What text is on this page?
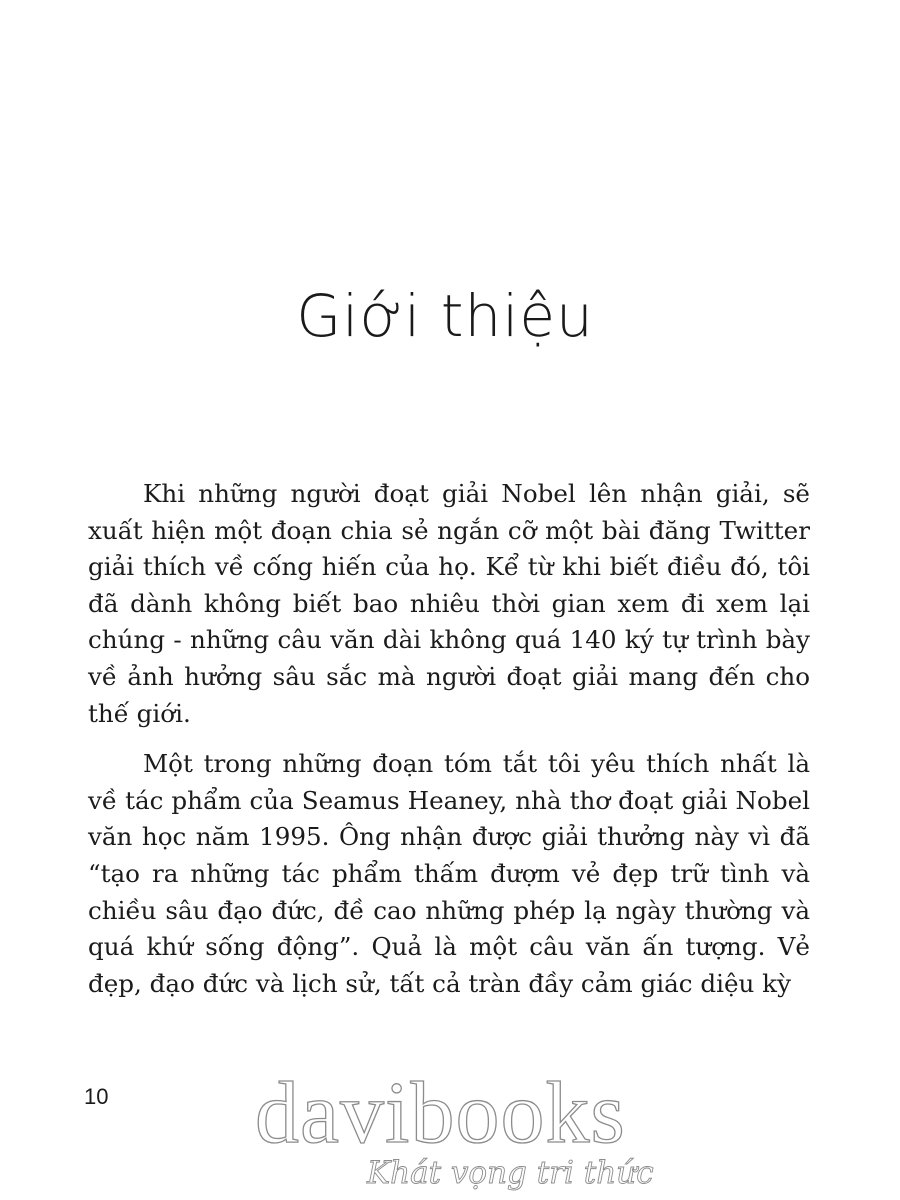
Giới thiệu

Khi những người đoạt giải Nobel lên nhận giải, sẽ xuất hiện một đoạn chia sẻ ngắn cỡ một bài đăng Twitter giải thích về cống hiến của họ. Kể từ khi biết điều đó, tôi đã dành không biết bao nhiêu thời gian xem đi xem lại chúng - những câu văn dài không quá 140 ký tự trình bày về ảnh hưởng sâu sắc mà người đoạt giải mang đến cho thế giới.

Một trong những đoạn tóm tắt tôi yêu thích nhất là về tác phẩm của Seamus Heaney, nhà thơ đoạt giải Nobel văn học năm 1995. Ông nhận được giải thưởng này vì đã “tạo ra những tác phẩm thấm đượm vẻ đẹp trữ tình và chiều sâu đạo đức, đề cao những phép lạ ngày thường và quá khứ sống động”. Quả là một câu văn ấn tượng. Vẻ đẹp, đạo đức và lịch sử, tất cả tràn đầy cảm giác diệu kỳ

10 davibooks
Khát vọng tri thức
